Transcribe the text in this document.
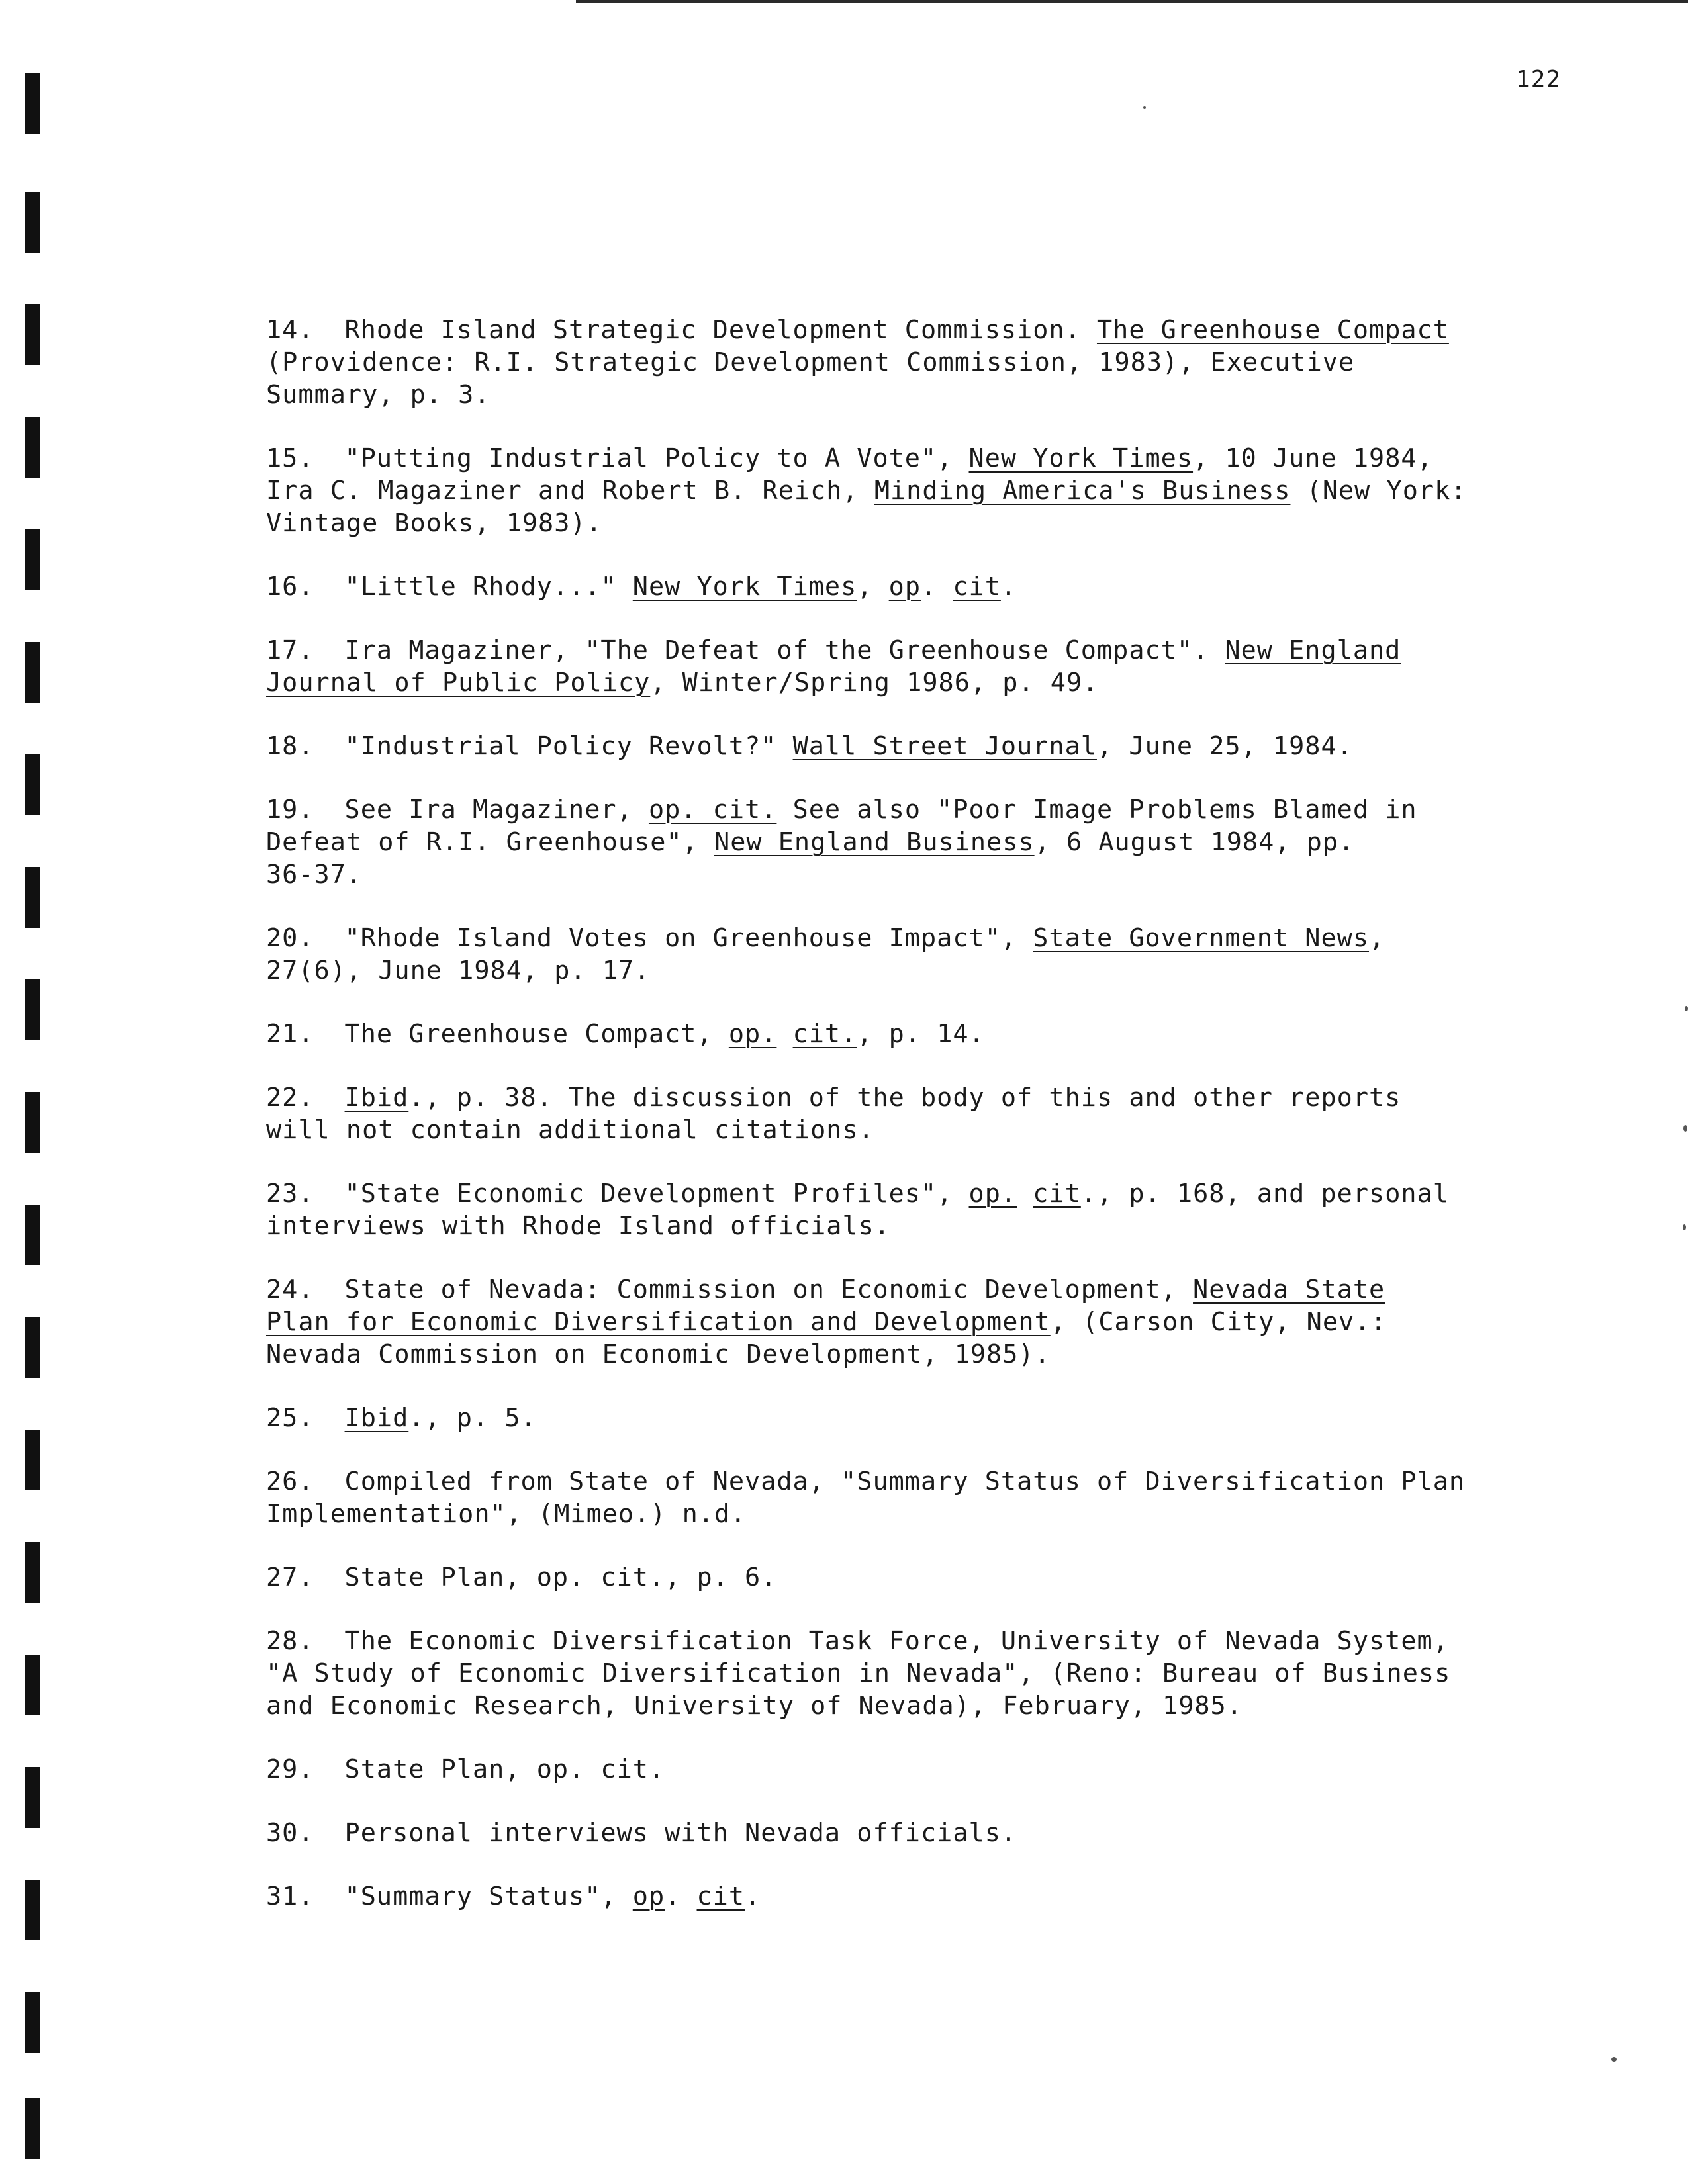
122
14. Rhode Island Strategic Development Commission. The Greenhouse Compact
(Providence: R.I. Strategic Development Commission, 1983), Executive
Summary, p. 3.
15. "Putting Industrial Policy to A Vote", New York Times, 10 June 1984,
Ira C. Magaziner and Robert B. Reich, Minding America's Business (New York:
Vintage Books, 1983).
16. "Little Rhody..." New York Times, op. cit.
17. Ira Magaziner, "The Defeat of the Greenhouse Compact". New England
Journal of Public Policy, Winter/Spring 1986, p. 49.
18. "Industrial Policy Revolt?" Wall Street Journal, June 25, 1984.
19. See Ira Magaziner, op. cit. See also "Poor Image Problems Blamed in
Defeat of R.I. Greenhouse", New England Business, 6 August 1984, pp.
36-37.
20. "Rhode Island Votes on Greenhouse Impact", State Government News,
27(6), June 1984, p. 17.
21. The Greenhouse Compact, op. cit., p. 14.
22. Ibid., p. 38. The discussion of the body of this and other reports
will not contain additional citations.
23. "State Economic Development Profiles", op. cit., p. 168, and personal
interviews with Rhode Island officials.
24. State of Nevada: Commission on Economic Development, Nevada State
Plan for Economic Diversification and Development, (Carson City, Nev.:
Nevada Commission on Economic Development, 1985).
25. Ibid., p. 5.
26. Compiled from State of Nevada, "Summary Status of Diversification Plan
Implementation", (Mimeo.) n.d.
27. State Plan, op. cit., p. 6.
28. The Economic Diversification Task Force, University of Nevada System,
"A Study of Economic Diversification in Nevada", (Reno: Bureau of Business
and Economic Research, University of Nevada), February, 1985.
29. State Plan, op. cit.
30. Personal interviews with Nevada officials.
31. "Summary Status", op. cit.
